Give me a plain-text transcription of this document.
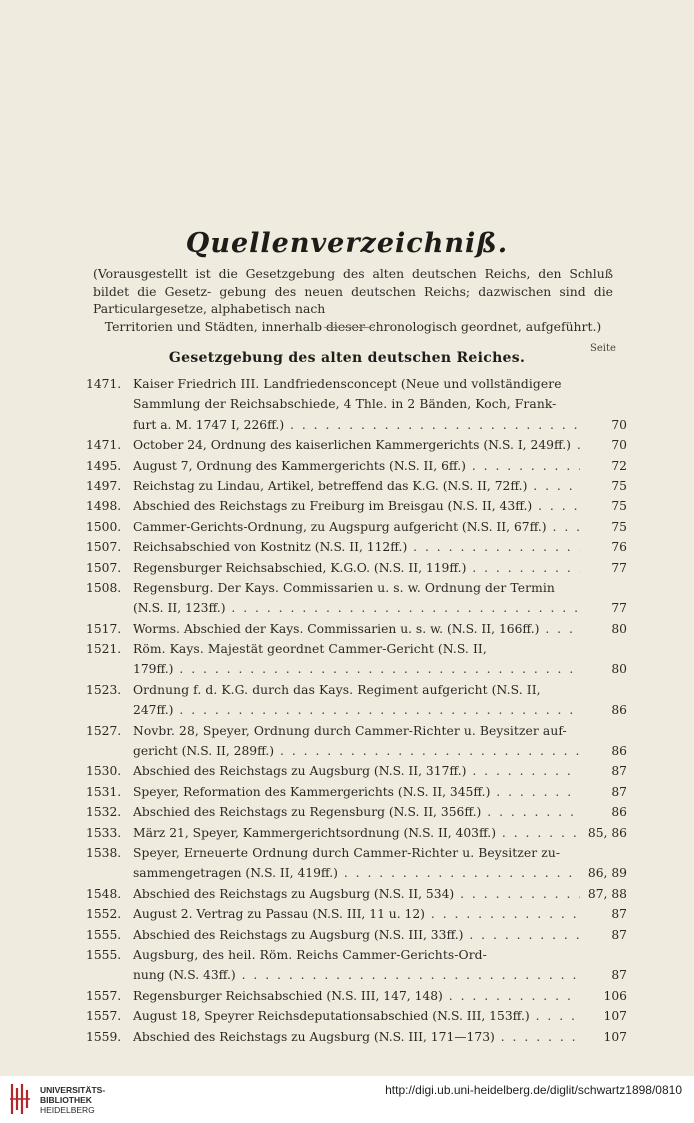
Quellenverzeichniß.
(Vorausgestellt ist die Gesetzgebung des alten deutschen Reichs, den Schluß bildet die Gesetz- gebung des neuen deutschen Reichs; dazwischen sind die Particulargesetze, alphabetisch nach
Territorien und Städten, innerhalb dieser chronologisch geordnet, aufgeführt.)
Seite
Gesetzgebung des alten deutschen Reiches.
1471. Kaiser Friedrich III. Landfriedensconcept (Neue und vollständigere
Sammlung der Reichsabschiede, 4 Thle. in 2 Bänden, Koch, Frank-
furt a. M. 1747 I, 226ff.) . . .	70
1471. October 24, Ordnung des kaiserlichen Kammergerichts (N.S. I, 249ff.) . . .	70
1495. August 7, Ordnung des Kammergerichts (N.S. II, 6ff.) . . .	72
1497. Reichstag zu Lindau, Artikel, betreffend das K.G. (N.S. II, 72ff.) . . .	75
1498. Abschied des Reichstags zu Freiburg im Breisgau (N.S. II, 43ff.) . . .	75
1500. Cammer-Gerichts-Ordnung, zu Augspurg aufgericht (N.S. II, 67ff.) . . .	75
1507. Reichsabschied von Kostnitz (N.S. II, 112ff.) . . .	76
1507. Regensburger Reichsabschied, K.G.O. (N.S. II, 119ff.) . . .	77
1508. Regensburg. Der Kays. Commissarien u. s. w. Ordnung der Termin
(N.S. II, 123ff.) . . .	77
1517. Worms. Abschied der Kays. Commissarien u. s. w. (N.S. II, 166ff.) . . .	80
1521. Röm. Kays. Majestät geordnet Cammer-Gericht (N.S. II,
179ff.) . . .	80
1523. Ordnung f. d. K.G. durch das Kays. Regiment aufgericht (N.S. II,
247ff.) . . .	86
1527. Novbr. 28, Speyer, Ordnung durch Cammer-Richter u. Beysitzer auf-
gericht (N.S. II, 289ff.) . . .	86
1530. Abschied des Reichstags zu Augsburg (N.S. II, 317ff.) . . .	87
1531. Speyer, Reformation des Kammergerichts (N.S. II, 345ff.) . . .	87
1532. Abschied des Reichstags zu Regensburg (N.S. II, 356ff.) . . .	86
1533. März 21, Speyer, Kammergerichtsordnung (N.S. II, 403ff.) . . .	85, 86
1538. Speyer, Erneuerte Ordnung durch Cammer-Richter u. Beysitzer zu-
sammengetragen (N.S. II, 419ff.) . . .	86, 89
1548. Abschied des Reichstags zu Augsburg (N.S. II, 534) . . .	87, 88
1552. August 2. Vertrag zu Passau (N.S. III, 11 u. 12) . . .	87
1555. Abschied des Reichstags zu Augsburg (N.S. III, 33ff.) . . .	87
1555. Augsburg, des heil. Röm. Reichs Cammer-Gerichts-Ord-
nung (N.S. 43ff.) . . .	87
1557. Regensburger Reichsabschied (N.S. III, 147, 148) . . .	106
1557. August 18, Speyrer Reichsdeputationsabschied (N.S. III, 153ff.) . . .	107
1559. Abschied des Reichstags zu Augsburg (N.S. III, 171—173) . . .	107
UNIVERSITÄTS-
BIBLIOTHEK
HEIDELBERG
http://digi.ub.uni-heidelberg.de/diglit/schwartz1898/0810
